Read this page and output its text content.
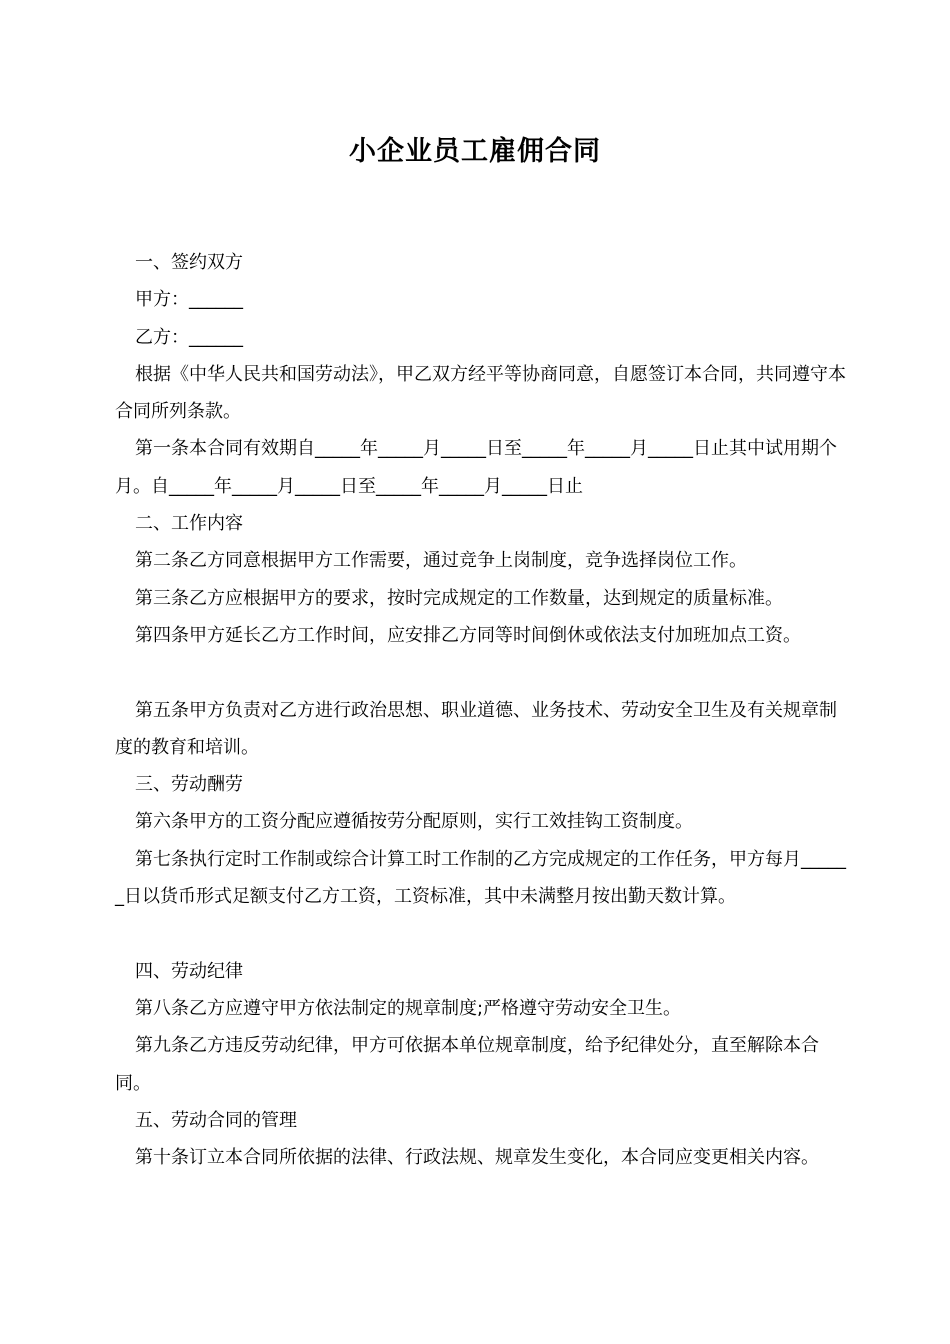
小企业员工雇佣合同

一、签约双方

甲方：______

乙方：______

根据《中华人民共和国劳动法》，甲乙双方经平等协商同意，自愿签订本合同，共同遵守本合同所列条款。

第一条本合同有效期自_____年_____月_____日至_____年_____月_____日止其中试用期个月。自_____年_____月_____日至_____年_____月_____日止

二、工作内容

第二条乙方同意根据甲方工作需要，通过竞争上岗制度，竞争选择岗位工作。

第三条乙方应根据甲方的要求，按时完成规定的工作数量，达到规定的质量标准。

第四条甲方延长乙方工作时间，应安排乙方同等时间倒休或依法支付加班加点工资。

第五条甲方负责对乙方进行政治思想、职业道德、业务技术、劳动安全卫生及有关规章制度的教育和培训。

三、劳动酬劳

第六条甲方的工资分配应遵循按劳分配原则，实行工效挂钩工资制度。

第七条执行定时工作制或综合计算工时工作制的乙方完成规定的工作任务，甲方每月______日以货币形式足额支付乙方工资，工资标准，其中未满整月按出勤天数计算。

四、劳动纪律

第八条乙方应遵守甲方依法制定的规章制度;严格遵守劳动安全卫生。

第九条乙方违反劳动纪律，甲方可依据本单位规章制度，给予纪律处分，直至解除本合同。

五、劳动合同的管理

第十条订立本合同所依据的法律、行政法规、规章发生变化，本合同应变更相关内容。
